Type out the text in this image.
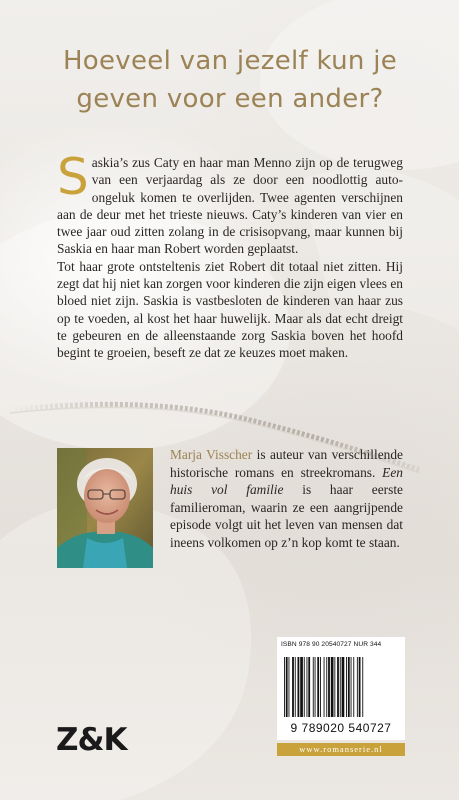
Hoeveel van jezelf kun je
geven voor een ander?

Saskia’s zus Caty en haar man Menno zijn op de terugweg van een verjaardag als ze door een noodlottig auto-ongeluk komen te overlijden. Twee agenten verschijnen aan de deur met het trieste nieuws. Caty’s kinderen van vier en twee jaar oud zitten zolang in de crisisopvang, maar kunnen bij Saskia en haar man Robert worden geplaatst.

Tot haar grote ontsteltenis ziet Robert dit totaal niet zitten. Hij zegt dat hij niet kan zorgen voor kinderen die zijn eigen vlees en bloed niet zijn. Saskia is vastbesloten de kinderen van haar zus op te voeden, al kost het haar huwelijk. Maar als dat echt dreigt te gebeuren en de alleenstaande zorg Saskia boven het hoofd begint te groeien, beseft ze dat ze keuzes moet maken.

Marja Visscher is auteur van verschillende historische romans en streekromans. Een huis vol familie is haar eerste familieroman, waarin ze een aangrijpende episode volgt uit het leven van mensen dat ineens volkomen op z’n kop komt te staan.

ISBN 978 90 20540727 NUR 344
9 789020 540727
www.romanserie.nl
Z&K
